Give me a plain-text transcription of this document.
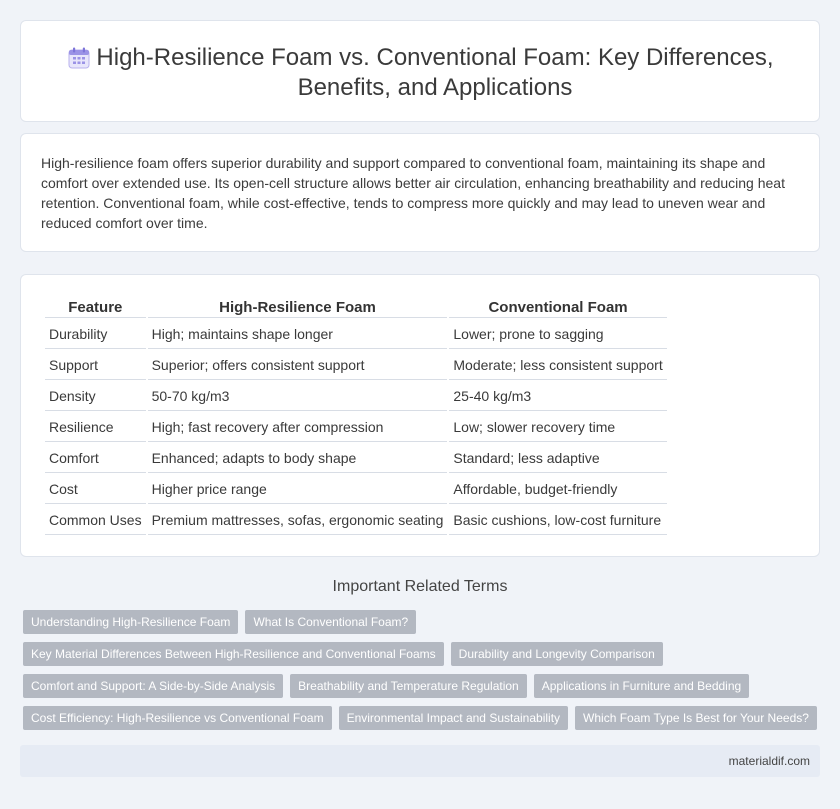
High-Resilience Foam vs. Conventional Foam: Key Differences, Benefits, and Applications

High-resilience foam offers superior durability and support compared to conventional foam, maintaining its shape and comfort over extended use. Its open-cell structure allows better air circulation, enhancing breathability and reducing heat retention. Conventional foam, while cost-effective, tends to compress more quickly and may lead to uneven wear and reduced comfort over time.

Feature	High-Resilience Foam	Conventional Foam
Durability	High; maintains shape longer	Lower; prone to sagging
Support	Superior; offers consistent support	Moderate; less consistent support
Density	50-70 kg/m3	25-40 kg/m3
Resilience	High; fast recovery after compression	Low; slower recovery time
Comfort	Enhanced; adapts to body shape	Standard; less adaptive
Cost	Higher price range	Affordable, budget-friendly
Common Uses	Premium mattresses, sofas, ergonomic seating	Basic cushions, low-cost furniture
Important Related Terms
Understanding High-Resilience Foam	What Is Conventional Foam?
Key Material Differences Between High-Resilience and Conventional Foams	Durability and Longevity Comparison
Comfort and Support: A Side-by-Side Analysis	Breathability and Temperature Regulation	Applications in Furniture and Bedding
Cost Efficiency: High-Resilience vs Conventional Foam	Environmental Impact and Sustainability	Which Foam Type Is Best for Your Needs?
materialdif.com
